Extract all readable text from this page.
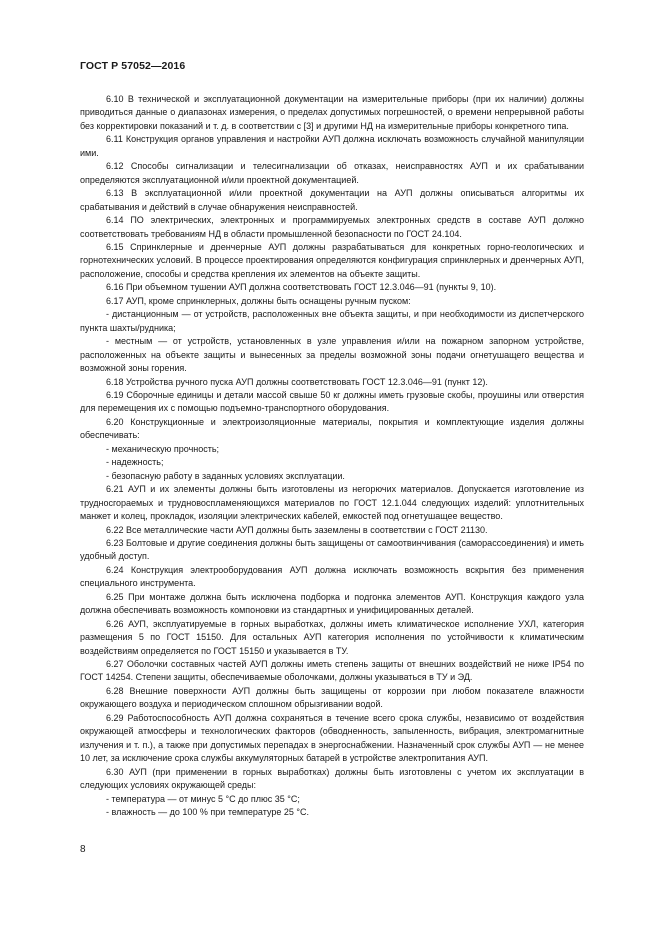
ГОСТ Р 57052—2016

6.10 В технической и эксплуатационной документации на измерительные приборы (при их наличии) должны приводиться данные о диапазонах измерения, о пределах допустимых погрешностей, о времени непрерывной работы без корректировки показаний и т. д. в соответствии с [3] и другими НД на измерительные приборы конкретного типа.

6.11 Конструкция органов управления и настройки АУП должна исключать возможность случайной манипуляции ими.

6.12 Способы сигнализации и телесигнализации об отказах, неисправностях АУП и их срабатывании определяются эксплуатационной и/или проектной документацией.

6.13 В эксплуатационной и/или проектной документации на АУП должны описываться алгоритмы их срабатывания и действий в случае обнаружения неисправностей.

6.14 ПО электрических, электронных и программируемых электронных средств в составе АУП должно соответствовать требованиям НД в области промышленной безопасности по ГОСТ 24.104.

6.15 Спринклерные и дренчерные АУП должны разрабатываться для конкретных горно-геологических и горнотехнических условий. В процессе проектирования определяются конфигурация спринклерных и дренчерных АУП, расположение, способы и средства крепления их элементов на объекте защиты.

6.16 При объемном тушении АУП должна соответствовать ГОСТ 12.3.046—91 (пункты 9, 10).

6.17 АУП, кроме спринклерных, должны быть оснащены ручным пуском:

- дистанционным — от устройств, расположенных вне объекта защиты, и при необходимости из диспетчерского пункта шахты/рудника;

- местным — от устройств, установленных в узле управления и/или на пожарном запорном устройстве, расположенных на объекте защиты и вынесенных за пределы возможной зоны подачи огнетушащего вещества и возможной зоны горения.

6.18 Устройства ручного пуска АУП должны соответствовать ГОСТ 12.3.046—91 (пункт 12).

6.19 Сборочные единицы и детали массой свыше 50 кг должны иметь грузовые скобы, проушины или отверстия для перемещения их с помощью подъемно-транспортного оборудования.

6.20 Конструкционные и электроизоляционные материалы, покрытия и комплектующие изделия должны обеспечивать:

- механическую прочность;

- надежность;

- безопасную работу в заданных условиях эксплуатации.

6.21 АУП и их элементы должны быть изготовлены из негорючих материалов. Допускается изготовление из трудносгораемых и трудновоспламеняющихся материалов по ГОСТ 12.1.044 следующих изделий: уплотнительных манжет и колец, прокладок, изоляции электрических кабелей, емкостей под огнетушащее вещество.

6.22 Все металлические части АУП должны быть заземлены в соответствии с ГОСТ 21130.

6.23 Болтовые и другие соединения должны быть защищены от самоотвинчивания (самораcсоединения) и иметь удобный доступ.

6.24 Конструкция электрооборудования АУП должна исключать возможность вскрытия без применения специального инструмента.

6.25 При монтаже должна быть исключена подборка и подгонка элементов АУП. Конструкция каждого узла должна обеспечивать возможность компоновки из стандартных и унифицированных деталей.

6.26 АУП, эксплуатируемые в горных выработках, должны иметь климатическое исполнение УХЛ, категория размещения 5 по ГОСТ 15150. Для остальных АУП категория исполнения по устойчивости к климатическим воздействиям определяется по ГОСТ 15150 и указывается в ТУ.

6.27 Оболочки составных частей АУП должны иметь степень защиты от внешних воздействий не ниже IP54 по ГОСТ 14254. Степени защиты, обеспечиваемые оболочками, должны указываться в ТУ и ЭД.

6.28 Внешние поверхности АУП должны быть защищены от коррозии при любом показателе влажности окружающего воздуха и периодическом сплошном обрызгивании водой.

6.29 Работоспособность АУП должна сохраняться в течение всего срока службы, независимо от воздействия окружающей атмосферы и технологических факторов (обводненность, запыленность, вибрация, электромагнитные излучения и т. п.), а также при допустимых перепадах в энергоснабжении. Назначенный срок службы АУП — не менее 10 лет, за исключение срока службы аккумуляторных батарей в устройстве электропитания АУП.

6.30 АУП (при применении в горных выработках) должны быть изготовлены с учетом их эксплуатации в следующих условиях окружающей среды:

- температура — от минус 5 °С до плюс 35 °С;

- влажность — до 100 % при температуре 25 °С.

8
